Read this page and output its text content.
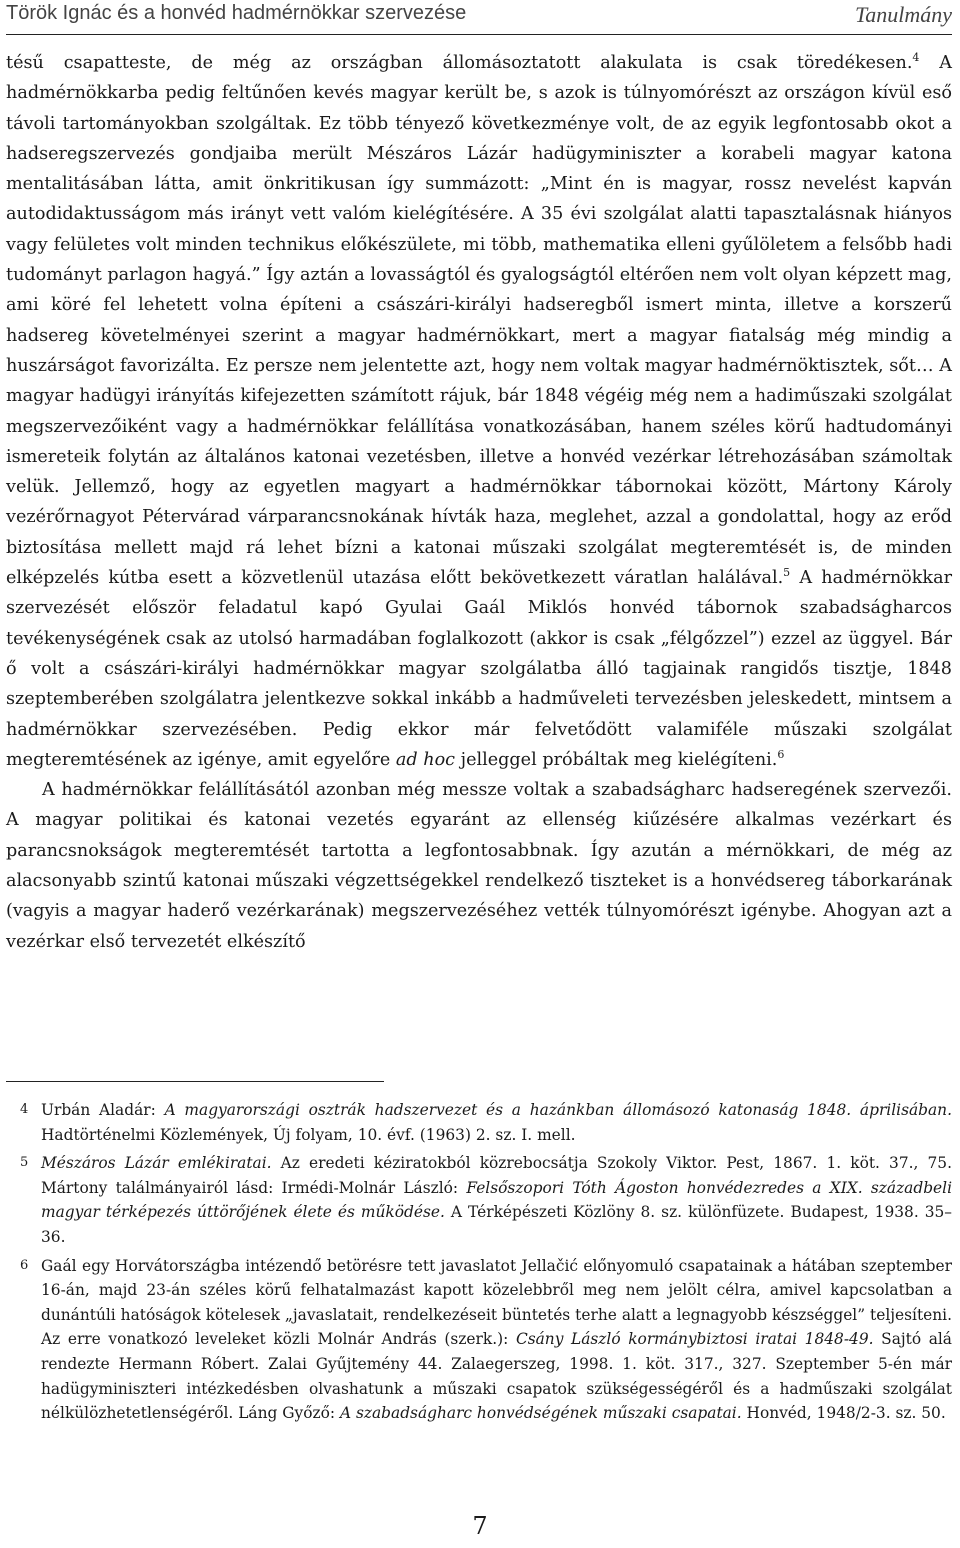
Török Ignác és a honvéd hadmérnökkar szervezése	Tanulmány

tésű csapatteste, de még az országban állomásoztatott alakulata is csak töredékesen.$^4$ A hadmérnökkarba pedig feltűnően kevés magyar került be, s azok is túlnyomórészt az országon kívül eső távoli tartományokban szolgáltak. Ez több tényező következménye volt, de az egyik legfontosabb okot a hadseregszervezés gondjaiba merült Mészáros Lázár hadügyminiszter a korabeli magyar katona mentalitásában látta, amit önkritikusan így summázott: „Mint én is magyar, rossz nevelést kapván autodidaktusságom más irányt vett valóm kielégítésére. A 35 évi szolgálat alatti tapasztalásnak hiányos vagy felületes volt minden technikus előkészülete, mi több, mathematika elleni gyűlöletem a felsőbb hadi tudományt parlagon hagyá.” Így aztán a lovasságtól és gyalogságtól eltérően nem volt olyan képzett mag, ami köré fel lehetett volna építeni a császári-királyi hadseregből ismert minta, illetve a korszerű hadsereg követelményei szerint a magyar hadmérnökkart, mert a magyar fiatalság még mindig a huszárságot favorizálta. Ez persze nem jelentette azt, hogy nem voltak magyar hadmérnöktisztek, sőt… A magyar hadügyi irányítás kifejezetten számított rájuk, bár 1848 végéig még nem a hadiműszaki szolgálat megszervezőiként vagy a hadmérnökkar felállítása vonatkozásában, hanem széles körű hadtudományi ismereteik folytán az általános katonai vezetésben, illetve a honvéd vezérkar létrehozásában számoltak velük. Jellemző, hogy az egyetlen magyart a hadmérnökkar tábornokai között, Mártony Károly vezérőrnagyot Pétervárad várparancsnokának hívták haza, meglehet, azzal a gondolattal, hogy az erőd biztosítása mellett majd rá lehet bízni a katonai műszaki szolgálat megteremtését is, de minden elképzelés kútba esett a közvetlenül utazása előtt bekövetkezett váratlan halálával.$^5$ A hadmérnökkar szervezését először feladatul kapó Gyulai Gaál Miklós honvéd tábornok szabadságharcos tevékenységének csak az utolsó harmadában foglalkozott (akkor is csak „félgőzzel”) ezzel az üggyel. Bár ő volt a császári-királyi hadmérnökkar magyar szolgálatba álló tagjainak rangidős tisztje, 1848 szeptemberében szolgálatra jelentkezve sokkal inkább a hadműveleti tervezésben jeleskedett, mintsem a hadmérnökkar szervezésében. Pedig ekkor már felvetődött valamiféle műszaki szolgálat megteremtésének az igénye, amit egyelőre ad hoc jelleggel próbáltak meg kielégíteni.$^6$

A hadmérnökkar felállításától azonban még messze voltak a szabadságharc hadseregének szervezői. A magyar politikai és katonai vezetés egyaránt az ellenség kiűzésére alkalmas vezérkart és parancsnokságok megteremtését tartotta a legfontosabbnak. Így azután a mérnökkari, de még az alacsonyabb szintű katonai műszaki végzettségekkel rendelkező tiszteket is a honvédsereg táborkarának (vagyis a magyar haderő vezérkarának) megszervezéséhez vették túlnyomórészt igénybe. Ahogyan azt a vezérkar első tervezetét elkészítő

4 Urbán Aladár: A magyarországi osztrák hadszervezet és a hazánkban állomásozó katonaság 1848. áprilisában. Hadtörténelmi Közlemények, Új folyam, 10. évf. (1963) 2. sz. I. mell.
5 Mészáros Lázár emlékiratai. Az eredeti kéziratokból közrebocsátja Szokoly Viktor. Pest, 1867. 1. köt. 37., 75. Mártony találmányairól lásd: Irmédi-Molnár László: Felsőszopori Tóth Ágoston honvédezredes a XIX. századbeli magyar térképezés úttörőjének élete és működése. A Térképészeti Közlöny 8. sz. különfüzete. Budapest, 1938. 35–36.
6 Gaál egy Horvátországba intézendő betörésre tett javaslatot Jellačić előnyomuló csapatainak a hátában szeptember 16-án, majd 23-án széles körű felhatalmazást kapott közelebbről meg nem jelölt célra, amivel kapcsolatban a dunántúli hatóságok kötelesek „javaslatait, rendelkezéseit büntetés terhe alatt a legnagyobb készséggel” teljesíteni. Az erre vonatkozó leveleket közli Molnár András (szerk.): Csány László kormánybiztosi iratai 1848-49. Sajtó alá rendezte Hermann Róbert. Zalai Gyűjtemény 44. Zalaegerszeg, 1998. 1. köt. 317., 327. Szeptember 5-én már hadügyminiszteri intézkedésben olvashatunk a műszaki csapatok szükségességéről és a hadműszaki szolgálat nélkülözhetetlenségéről. Láng Győző: A szabadságharc honvédségének műszaki csapatai. Honvéd, 1948/2-3. sz. 50.
7
